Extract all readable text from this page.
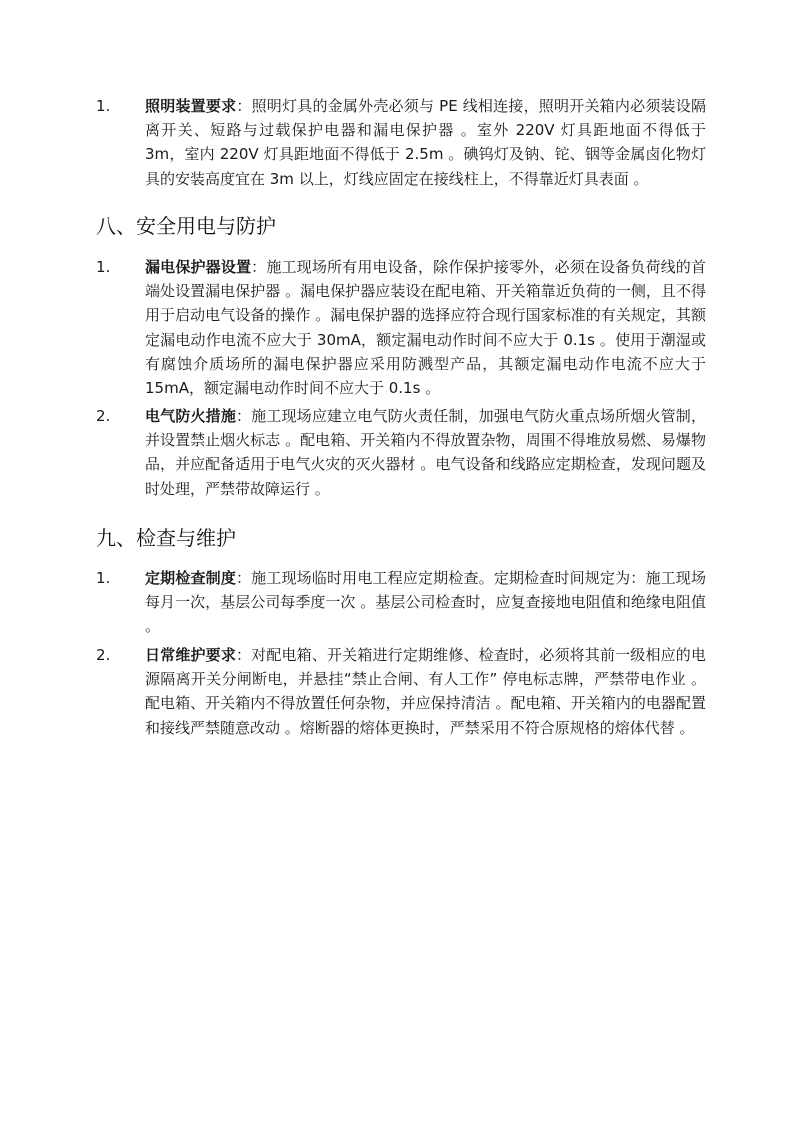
1.	照明装置要求：照明灯具的金属外壳必须与 PE 线相连接，照明开关箱内必须装设隔离开关、短路与过载保护电器和漏电保护器 。室外 220V 灯具距地面不得低于 3m，室内 220V 灯具距地面不得低于 2.5m 。碘钨灯及钠、铊、铟等金属卤化物灯具的安装高度宜在 3m 以上，灯线应固定在接线柱上，不得靠近灯具表面 。
八、安全用电与防护
1.	漏电保护器设置：施工现场所有用电设备，除作保护接零外，必须在设备负荷线的首端处设置漏电保护器 。漏电保护器应装设在配电箱、开关箱靠近负荷的一侧，且不得用于启动电气设备的操作 。漏电保护器的选择应符合现行国家标准的有关规定，其额定漏电动作电流不应大于 30mA，额定漏电动作时间不应大于 0.1s 。使用于潮湿或有腐蚀介质场所的漏电保护器应采用防溅型产品，其额定漏电动作电流不应大于 15mA，额定漏电动作时间不应大于 0.1s 。
2.	电气防火措施：施工现场应建立电气防火责任制，加强电气防火重点场所烟火管制，并设置禁止烟火标志 。配电箱、开关箱内不得放置杂物，周围不得堆放易燃、易爆物品，并应配备适用于电气火灾的灭火器材 。电气设备和线路应定期检查，发现问题及时处理，严禁带故障运行 。
九、检查与维护
1.	定期检查制度：施工现场临时用电工程应定期检查。定期检查时间规定为：施工现场每月一次，基层公司每季度一次 。基层公司检查时，应复查接地电阻值和绝缘电阻值 。
2.	日常维护要求：对配电箱、开关箱进行定期维修、检查时，必须将其前一级相应的电源隔离开关分闸断电，并悬挂“禁止合闸、有人工作” 停电标志牌，严禁带电作业 。配电箱、开关箱内不得放置任何杂物，并应保持清洁 。配电箱、开关箱内的电器配置和接线严禁随意改动 。熔断器的熔体更换时，严禁采用不符合原规格的熔体代替 。
